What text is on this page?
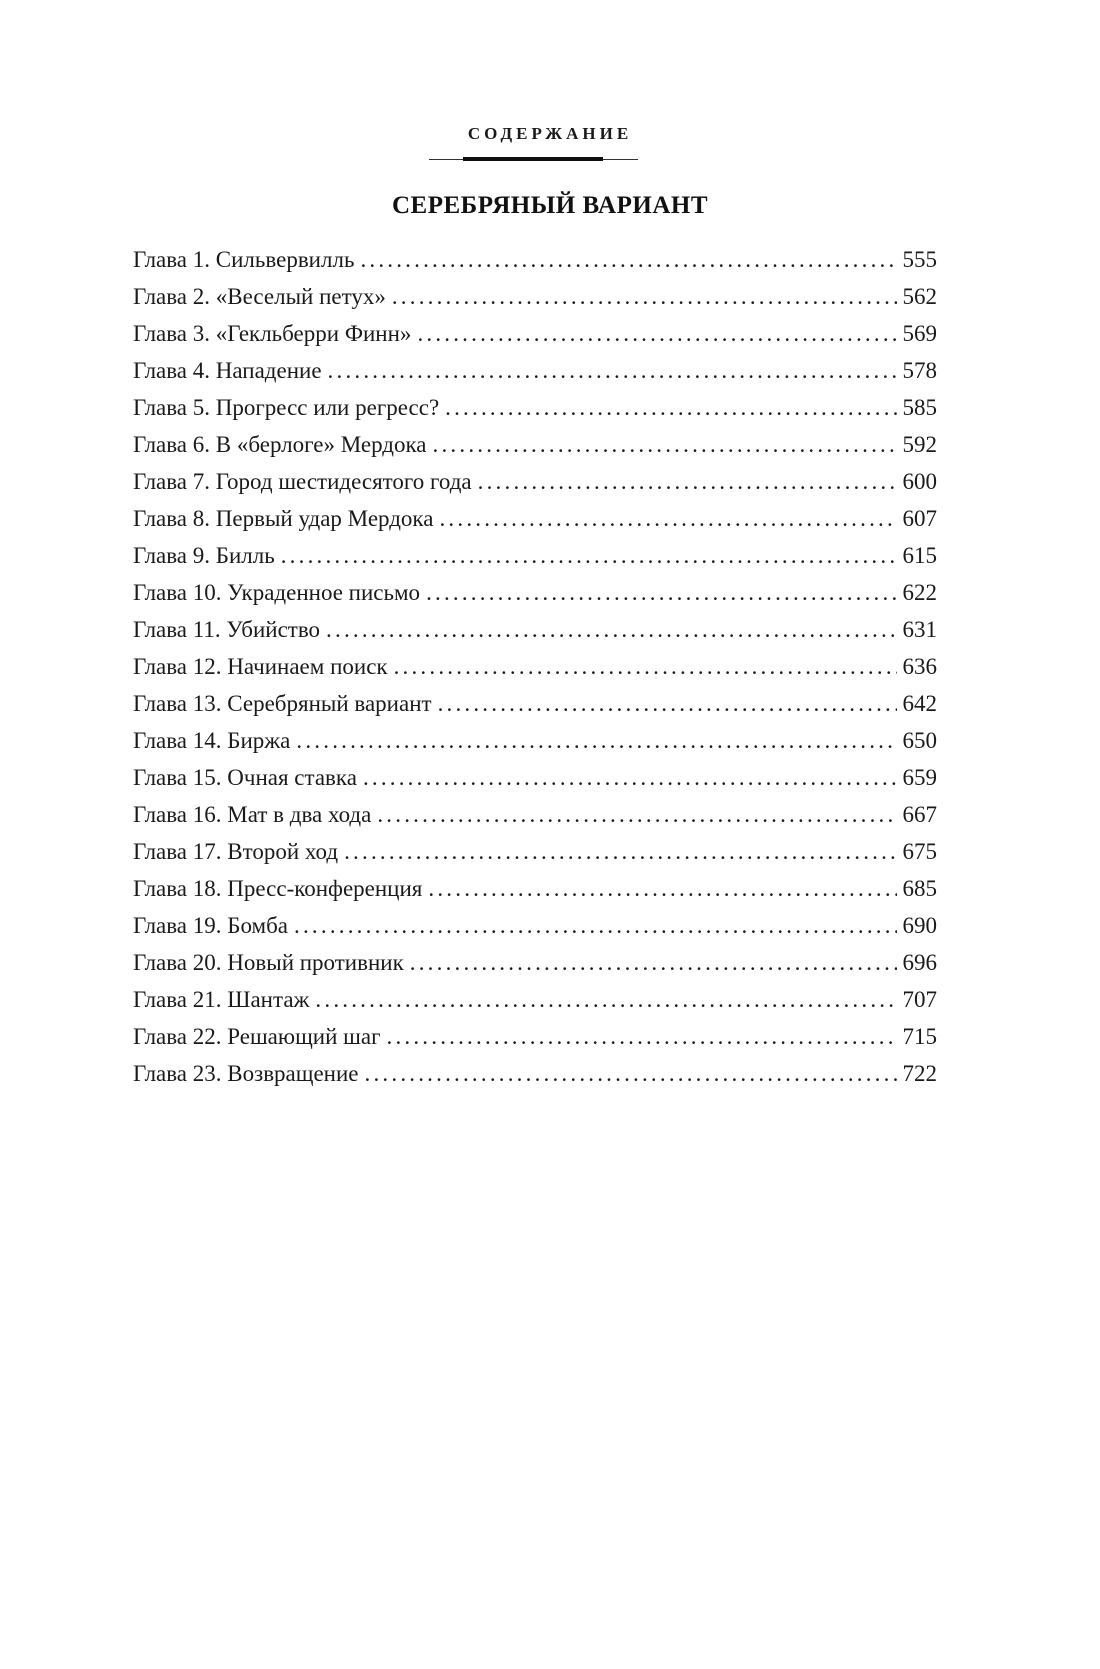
СОДЕРЖАНИЕ
СЕРЕБРЯНЫЙ ВАРИАНТ
Глава 1. Сильвервилль .....	555
Глава 2. «Веселый петух» .....	562
Глава 3. «Гекльберри Финн» .....	569
Глава 4. Нападение .....	578
Глава 5. Прогресс или регресс? .....	585
Глава 6. В «берлоге» Мердока .....	592
Глава 7. Город шестидесятого года .....	600
Глава 8. Первый удар Мердока .....	607
Глава 9. Билль .....	615
Глава 10. Украденное письмо .....	622
Глава 11. Убийство .....	631
Глава 12. Начинаем поиск .....	636
Глава 13. Серебряный вариант .....	642
Глава 14. Биржа .....	650
Глава 15. Очная ставка .....	659
Глава 16. Мат в два хода .....	667
Глава 17. Второй ход .....	675
Глава 18. Пресс-конференция .....	685
Глава 19. Бомба .....	690
Глава 20. Новый противник .....	696
Глава 21. Шантаж .....	707
Глава 22. Решающий шаг .....	715
Глава 23. Возвращение .....	722
